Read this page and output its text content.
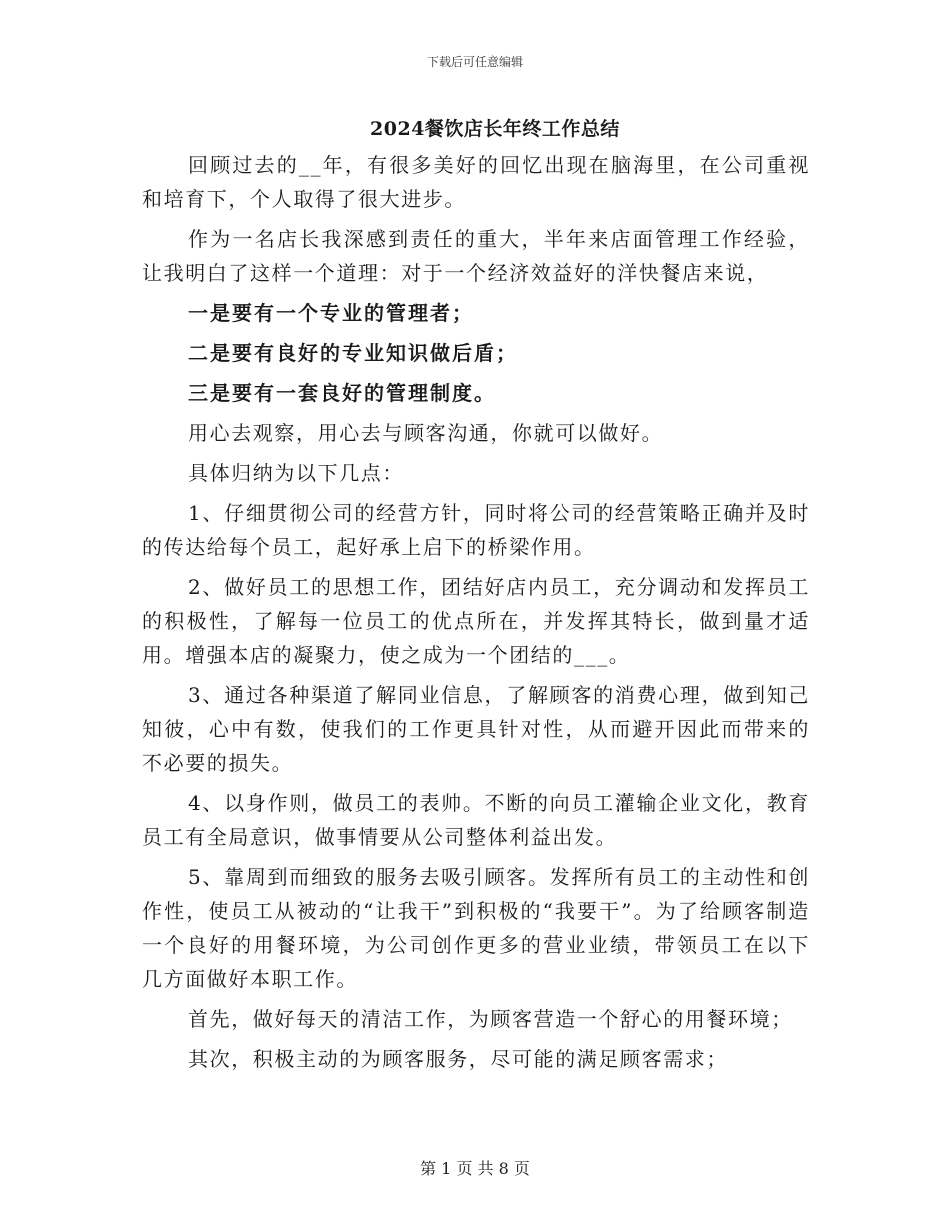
下载后可任意编辑
2024餐饮店长年终工作总结

回顾过去的__年，有很多美好的回忆出现在脑海里，在公司重视和培育下，个人取得了很大进步。

作为一名店长我深感到责任的重大，半年来店面管理工作经验，让我明白了这样一个道理：对于一个经济效益好的洋快餐店来说，

一是要有一个专业的管理者；

二是要有良好的专业知识做后盾；

三是要有一套良好的管理制度。

用心去观察，用心去与顾客沟通，你就可以做好。

具体归纳为以下几点：

1、仔细贯彻公司的经营方针，同时将公司的经营策略正确并及时的传达给每个员工，起好承上启下的桥梁作用。

2、做好员工的思想工作，团结好店内员工，充分调动和发挥员工的积极性，了解每一位员工的优点所在，并发挥其特长，做到量才适用。增强本店的凝聚力，使之成为一个团结的___。

3、通过各种渠道了解同业信息，了解顾客的消费心理，做到知己知彼，心中有数，使我们的工作更具针对性，从而避开因此而带来的不必要的损失。

4、以身作则，做员工的表帅。不断的向员工灌输企业文化，教育员工有全局意识，做事情要从公司整体利益出发。

5、靠周到而细致的服务去吸引顾客。发挥所有员工的主动性和创作性，使员工从被动的“让我干”到积极的“我要干”。为了给顾客制造一个良好的用餐环境，为公司创作更多的营业业绩，带领员工在以下几方面做好本职工作。

首先，做好每天的清洁工作，为顾客营造一个舒心的用餐环境；

其次，积极主动的为顾客服务，尽可能的满足顾客需求；

第 1 页 共 8 页
